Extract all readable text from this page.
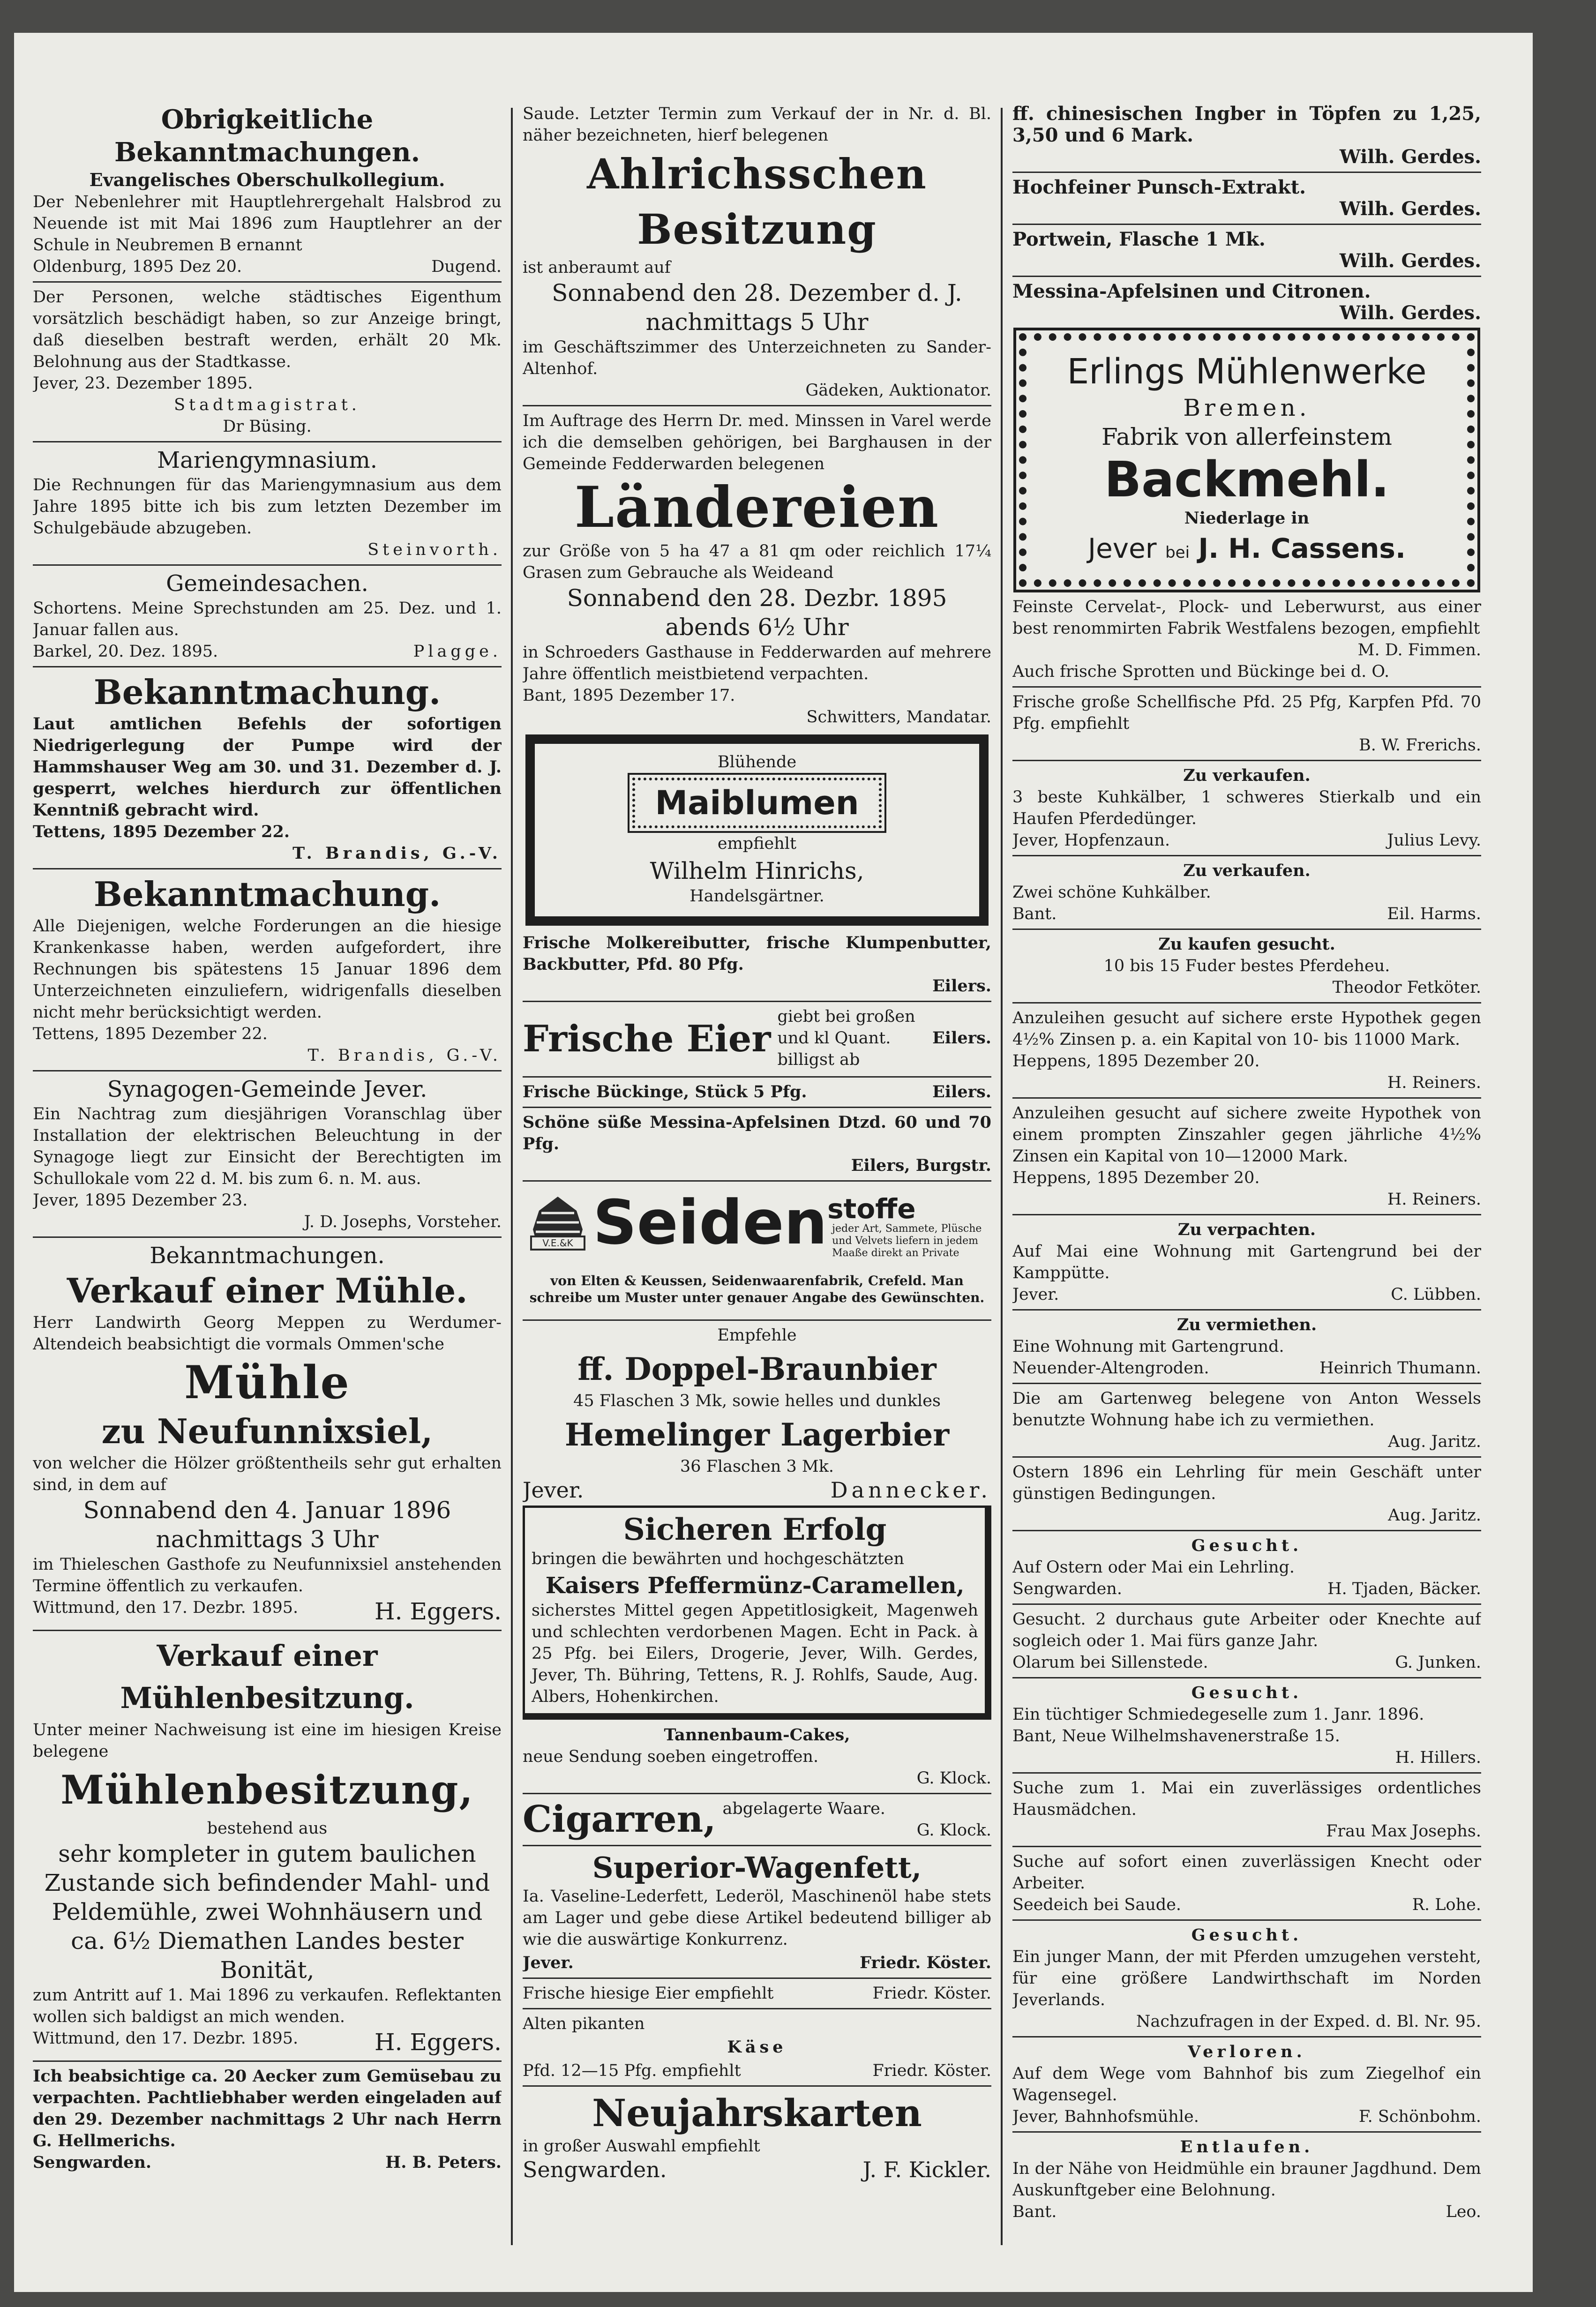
Obrigkeitliche Bekanntmachungen.
Evangelisches Oberschulkollegium.

Der Nebenlehrer mit Hauptlehrergehalt Halsbrod zu Neuende ist mit Mai 1896 zum Hauptlehrer an der Schule in Neubremen B ernannt

Oldenburg, 1895 Dez 20.	Dugend.

Der Personen, welche städtisches Eigenthum vorsätzlich beschädigt haben, so zur Anzeige bringt, daß dieselben bestraft werden, erhält 20 Mk. Belohnung aus der Stadtkasse.

Jever, 23. Dezember 1895.

Stadtmagistrat.

Dr Büsing.

Mariengymnasium.

Die Rechnungen für das Mariengymnasium aus dem Jahre 1895 bitte ich bis zum letzten Dezember im Schulgebäude abzugeben.

Steinvorth.

Gemeindesachen.

Schortens. Meine Sprechstunden am 25. Dez. und 1. Januar fallen aus.

Barkel, 20. Dez. 1895.	Plagge.
Bekanntmachung.

Laut amtlichen Befehls der sofortigen Niedrigerlegung der Pumpe wird der Hammshauser Weg am 30. und 31. Dezember d. J. gesperrt, welches hierdurch zur öffentlichen Kenntniß gebracht wird.

Tettens, 1895 Dezember 22.

T. Brandis, G.-V.

Bekanntmachung.

Alle Diejenigen, welche Forderungen an die hiesige Krankenkasse haben, werden aufgefordert, ihre Rechnungen bis spätestens 15 Januar 1896 dem Unterzeichneten einzuliefern, widrigenfalls dieselben nicht mehr berücksichtigt werden.

Tettens, 1895 Dezember 22.

T. Brandis, G.-V.

Synagogen-Gemeinde Jever.

Ein Nachtrag zum diesjährigen Voranschlag über Installation der elektrischen Beleuchtung in der Synagoge liegt zur Einsicht der Berechtigten im Schullokale vom 22 d. M. bis zum 6. n. M. aus.

Jever, 1895 Dezember 23.

J. D. Josephs, Vorsteher.

Bekanntmachungen.
Verkauf einer Mühle.

Herr Landwirth Georg Meppen zu Werdumer-Altendeich beabsichtigt die vormals Ommen'sche

Mühle
zu Neufunnixsiel,

von welcher die Hölzer größtentheils sehr gut erhalten sind, in dem auf

Sonnabend den 4. Januar 1896
nachmittags 3 Uhr

im Thieleschen Gasthofe zu Neufunnixsiel anstehenden Termine öffentlich zu verkaufen.

Wittmund, den 17. Dezbr. 1895.	H. Eggers.
Verkauf einer Mühlenbesitzung.

Unter meiner Nachweisung ist eine im hiesigen Kreise belegene

Mühlenbesitzung,

bestehend aus

sehr kompleter in gutem baulichen Zustande sich befindender Mahl- und Peldemühle, zwei Wohnhäusern und ca. 6½ Diemathen Landes bester Bonität,

zum Antritt auf 1. Mai 1896 zu verkaufen. Reflektanten wollen sich baldigst an mich wenden.

Wittmund, den 17. Dezbr. 1895.	H. Eggers.

Ich beabsichtige ca. 20 Aecker zum Gemüsebau zu verpachten. Pachtliebhaber werden eingeladen auf den 29. Dezember nachmittags 2 Uhr nach Herrn G. Hellmerichs.

Sengwarden.	H. B. Peters.

Saude. Letzter Termin zum Verkauf der in Nr. d. Bl. näher bezeichneten, hierf belegenen

Ahlrichsschen Besitzung

ist anberaumt auf

Sonnabend den 28. Dezember d. J.
nachmittags 5 Uhr

im Geschäftszimmer des Unterzeichneten zu Sander-Altenhof.

Gädeken, Auktionator.

Im Auftrage des Herrn Dr. med. Minssen in Varel werde ich die demselben gehörigen, bei Barghausen in der Gemeinde Fedderwarden belegenen

Ländereien

zur Größe von 5 ha 47 a 81 qm oder reichlich 17¼ Grasen zum Gebrauche als Weideand

Sonnabend den 28. Dezbr. 1895
abends 6½ Uhr

in Schroeders Gasthause in Fedderwarden auf mehrere Jahre öffentlich meistbietend verpachten.

Bant, 1895 Dezember 17.

Schwitters, Mandatar.

Blühende

Maiblumen

empfiehlt

Wilhelm Hinrichs,

Handelsgärtner.

Frische Molkereibutter, frische Klumpenbutter, Backbutter, Pfd. 80 Pfg.

Eilers.

Frische Eier
giebt bei großen und kl Quant. billigst ab
Eilers.
Frische Bückinge, Stück 5 Pfg.	Eilers.

Schöne süße Messina-Apfelsinen Dtzd. 60 und 70 Pfg.

Eilers, Burgstr.

V.E.&K Seiden stoffe
jeder Art, Sammete, Plüsche und Velvets liefern in jedem Maaße direkt an Private

von Elten & Keussen, Seidenwaarenfabrik, Crefeld. Man schreibe um Muster unter genauer Angabe des Gewünschten.

Empfehle

ff. Doppel-Braunbier

45 Flaschen 3 Mk, sowie helles und dunkles

Hemelinger Lagerbier

36 Flaschen 3 Mk.

Jever.	Dannecker.
Sicheren Erfolg

bringen die bewährten und hochgeschätzten

Kaisers Pfeffermünz-Caramellen,

sicherstes Mittel gegen Appetitlosigkeit, Magenweh und schlechten verdorbenen Magen. Echt in Pack. à 25 Pfg. bei Eilers, Drogerie, Jever, Wilh. Gerdes, Jever, Th. Bühring, Tettens, R. J. Rohlfs, Saude, Aug. Albers, Hohenkirchen.

Tannenbaum-Cakes,

neue Sendung soeben eingetroffen.

G. Klock.

Cigarren, abgelagerte Waare.

G. Klock.

Superior-Wagenfett,

Ia. Vaseline-Lederfett, Lederöl, Maschinenöl habe stets am Lager und gebe diese Artikel bedeutend billiger ab wie die auswärtige Konkurrenz.

Jever.	Friedr. Köster.
Frische hiesige Eier empfiehlt	Friedr. Köster.

Alten pikanten

Käse

Pfd. 12—15 Pfg. empfiehlt	Friedr. Köster.
Neujahrskarten

in großer Auswahl empfiehlt

Sengwarden.	J. F. Kickler.

ff. chinesischen Ingber in Töpfen zu 1,25, 3,50 und 6 Mark.

Wilh. Gerdes.

Hochfeiner Punsch-Extrakt.

Wilh. Gerdes.

Portwein, Flasche 1 Mk.

Wilh. Gerdes.

Messina-Apfelsinen und Citronen.

Wilh. Gerdes.

Erlings Mühlenwerke
Bremen.
Fabrik von allerfeinstem
Backmehl.
Niederlage in
Jever bei J. H. Cassens.

Feinste Cervelat-, Plock- und Leberwurst, aus einer best renommirten Fabrik Westfalens bezogen, empfiehlt

M. D. Fimmen.

Auch frische Sprotten und Bückinge bei d. O.

Frische große Schellfische Pfd. 25 Pfg, Karpfen Pfd. 70 Pfg. empfiehlt

B. W. Frerichs.

Zu verkaufen.

3 beste Kuhkälber, 1 schweres Stierkalb und ein Haufen Pferdedünger.

Jever, Hopfenzaun.	Julius Levy.

Zu verkaufen.

Zwei schöne Kuhkälber.

Bant.	Eil. Harms.

Zu kaufen gesucht.

10 bis 15 Fuder bestes Pferdeheu.

Theodor Fetköter.

Anzuleihen gesucht auf sichere erste Hypothek gegen 4½% Zinsen p. a. ein Kapital von 10- bis 11000 Mark.

Heppens, 1895 Dezember 20.

H. Reiners.

Anzuleihen gesucht auf sichere zweite Hypothek von einem prompten Zinszahler gegen jährliche 4½% Zinsen ein Kapital von 10—12000 Mark.

Heppens, 1895 Dezember 20.

H. Reiners.

Zu verpachten.

Auf Mai eine Wohnung mit Gartengrund bei der Kamppütte.

Jever.	C. Lübben.

Zu vermiethen.

Eine Wohnung mit Gartengrund.

Neuender-Altengroden.	Heinrich Thumann.

Die am Gartenweg belegene von Anton Wessels benutzte Wohnung habe ich zu vermiethen.

Aug. Jaritz.

Ostern 1896 ein Lehrling für mein Geschäft unter günstigen Bedingungen.

Aug. Jaritz.

Gesucht.

Auf Ostern oder Mai ein Lehrling.

Sengwarden.	H. Tjaden, Bäcker.

Gesucht. 2 durchaus gute Arbeiter oder Knechte auf sogleich oder 1. Mai fürs ganze Jahr.

Olarum bei Sillenstede.	G. Junken.

Gesucht.

Ein tüchtiger Schmiedegeselle zum 1. Janr. 1896.

Bant, Neue Wilhelmshavenerstraße 15.

H. Hillers.

Suche zum 1. Mai ein zuverlässiges ordentliches Hausmädchen.

Frau Max Josephs.

Suche auf sofort einen zuverlässigen Knecht oder Arbeiter.

Seedeich bei Saude.	R. Lohe.

Gesucht.

Ein junger Mann, der mit Pferden umzugehen versteht, für eine größere Landwirthschaft im Norden Jeverlands.

Nachzufragen in der Exped. d. Bl. Nr. 95.

Verloren.

Auf dem Wege vom Bahnhof bis zum Ziegelhof ein Wagensegel.

Jever, Bahnhofsmühle.	F. Schönbohm.

Entlaufen.

In der Nähe von Heidmühle ein brauner Jagdhund. Dem Auskunftgeber eine Belohnung.

Bant.	Leo.
